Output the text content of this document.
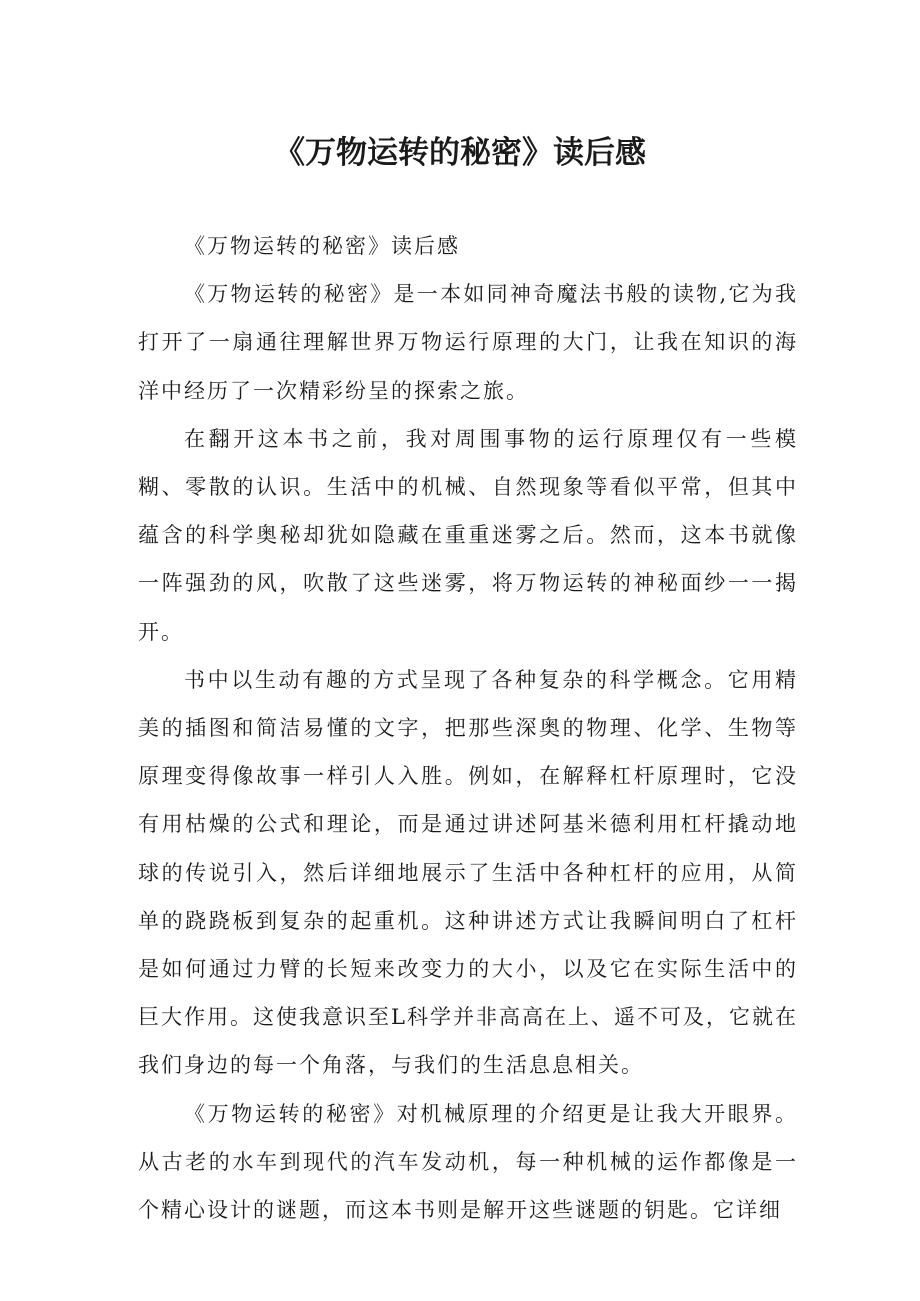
《万物运转的秘密》读后感

《万物运转的秘密》读后感

《万物运转的秘密》是一本如同神奇魔法书般的读物,它为我打开了一扇通往理解世界万物运行原理的大门，让我在知识的海洋中经历了一次精彩纷呈的探索之旅。

在翻开这本书之前，我对周围事物的运行原理仅有一些模糊、零散的认识。生活中的机械、自然现象等看似平常，但其中蕴含的科学奥秘却犹如隐藏在重重迷雾之后。然而，这本书就像一阵强劲的风，吹散了这些迷雾，将万物运转的神秘面纱一一揭开。

书中以生动有趣的方式呈现了各种复杂的科学概念。它用精美的插图和简洁易懂的文字，把那些深奥的物理、化学、生物等原理变得像故事一样引人入胜。例如，在解释杠杆原理时，它没有用枯燥的公式和理论，而是通过讲述阿基米德利用杠杆撬动地球的传说引入，然后详细地展示了生活中各种杠杆的应用，从简单的跷跷板到复杂的起重机。这种讲述方式让我瞬间明白了杠杆是如何通过力臂的长短来改变力的大小，以及它在实际生活中的巨大作用。这使我意识至L科学并非高高在上、遥不可及，它就在我们身边的每一个角落，与我们的生活息息相关。

《万物运转的秘密》对机械原理的介绍更是让我大开眼界。从古老的水车到现代的汽车发动机，每一种机械的运作都像是一个精心设计的谜题，而这本书则是解开这些谜题的钥匙。它详细
